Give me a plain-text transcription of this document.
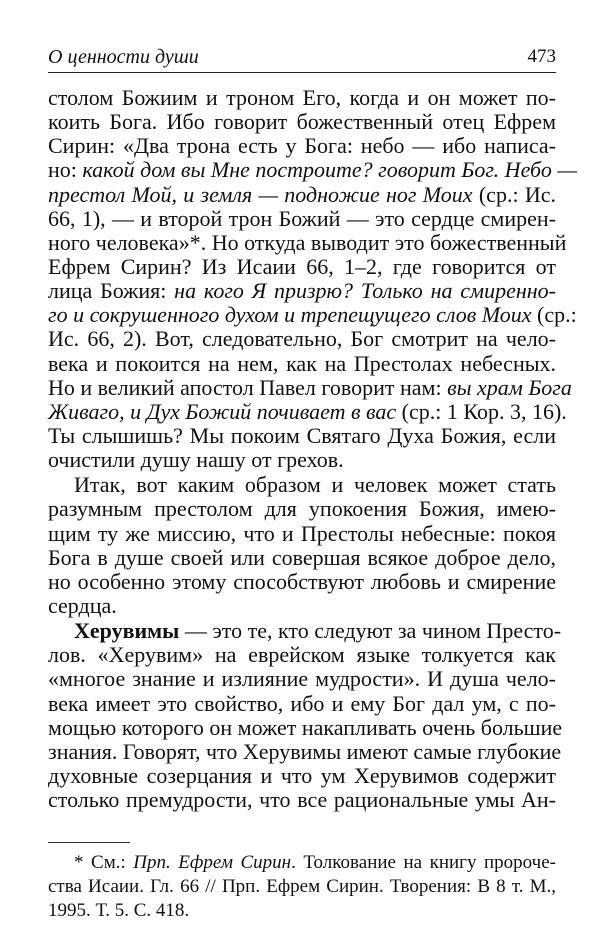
О ценности души	473
столом Божиим и троном Его, когда и он может по-
коить Бога. Ибо говорит божественный отец Ефрем
Сирин: «Два трона есть у Бога: небо — ибо написа-
но: какой дом вы Мне построите? говорит Бог. Небо —
престол Мой, и земля — подножие ног Моих (ср.: Ис.
66, 1), — и второй трон Божий — это сердце смирен-
ного человека»*. Но откуда выводит это божественный
Ефрем Сирин? Из Исаии 66, 1–2, где говорится от
лица Божия: на кого Я призрю? Только на смиренно-
го и сокрушенного духом и трепещущего слов Моих (ср.:
Ис. 66, 2). Вот, следовательно, Бог смотрит на чело-
века и покоится на нем, как на Престолах небесных.
Но и великий апостол Павел говорит нам: вы храм Бога
Живаго, и Дух Божий почивает в вас (ср.: 1 Кор. 3, 16).
Ты слышишь? Мы покоим Святаго Духа Божия, если
очистили душу нашу от грехов.
Итак, вот каким образом и человек может стать
разумным престолом для упокоения Божия, имею-
щим ту же миссию, что и Престолы небесные: покоя
Бога в душе своей или совершая всякое доброе дело,
но особенно этому способствуют любовь и смирение
сердца.
Херувимы — это те, кто следуют за чином Престо-
лов. «Херувим» на еврейском языке толкуется как
«многое знание и излияние мудрости». И душа чело-
века имеет это свойство, ибо и ему Бог дал ум, с по-
мощью которого он может накапливать очень большие
знания. Говорят, что Херувимы имеют самые глубокие
духовные созерцания и что ум Херувимов содержит
столько премудрости, что все рациональные умы Ан-
* См.: Прп. Ефрем Сирин. Толкование на книгу пророче-
ства Исаии. Гл. 66 // Прп. Ефрем Сирин. Творения: В 8 т. М.,
1995. Т. 5. С. 418.
